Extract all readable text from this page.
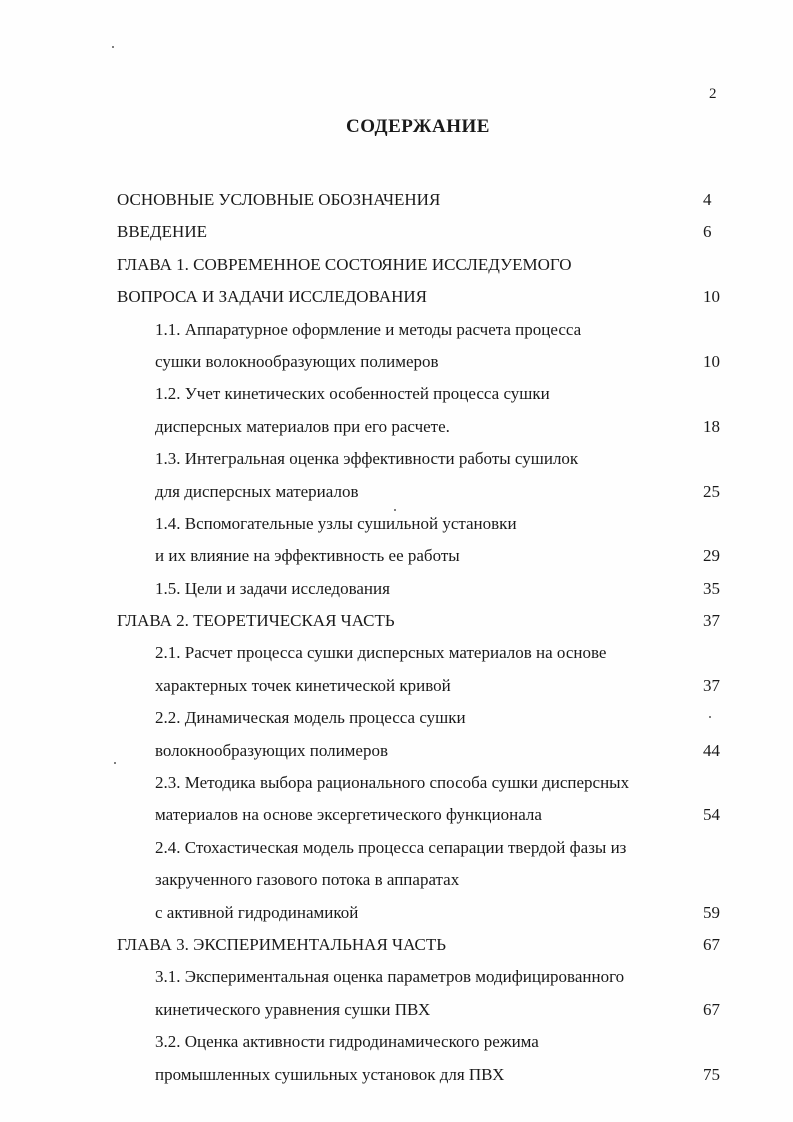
2
СОДЕРЖАНИЕ
ОСНОВНЫЕ УСЛОВНЫЕ ОБОЗНАЧЕНИЯ	4
ВВЕДЕНИЕ	6
ГЛАВА 1. СОВРЕМЕННОЕ СОСТОЯНИЕ ИССЛЕДУЕМОГО
ВОПРОСА И ЗАДАЧИ ИССЛЕДОВАНИЯ	10
1.1. Аппаратурное оформление и методы расчета процесса
сушки волокнообразующих полимеров	10
1.2. Учет кинетических особенностей процесса сушки
дисперсных материалов при его расчете.	18
1.3. Интегральная оценка эффективности работы сушилок
для дисперсных материалов	25
1.4. Вспомогательные узлы сушильной установки
и их влияние на эффективность ее работы	29
1.5. Цели и задачи исследования	35
ГЛАВА 2. ТЕОРЕТИЧЕСКАЯ ЧАСТЬ	37
2.1. Расчет процесса сушки дисперсных материалов на основе
характерных точек кинетической кривой	37
2.2. Динамическая модель процесса сушки
волокнообразующих полимеров	44
2.3. Методика выбора рационального способа сушки дисперсных
материалов на основе эксергетического функционала	54
2.4. Стохастическая модель процесса сепарации твердой фазы из
закрученного газового потока в аппаратах
с активной гидродинамикой	59
ГЛАВА 3. ЭКСПЕРИМЕНТАЛЬНАЯ ЧАСТЬ	67
3.1. Экспериментальная оценка параметров модифицированного
кинетического уравнения сушки ПВХ	67
3.2. Оценка активности гидродинамического режима
промышленных сушильных установок для ПВХ	75
